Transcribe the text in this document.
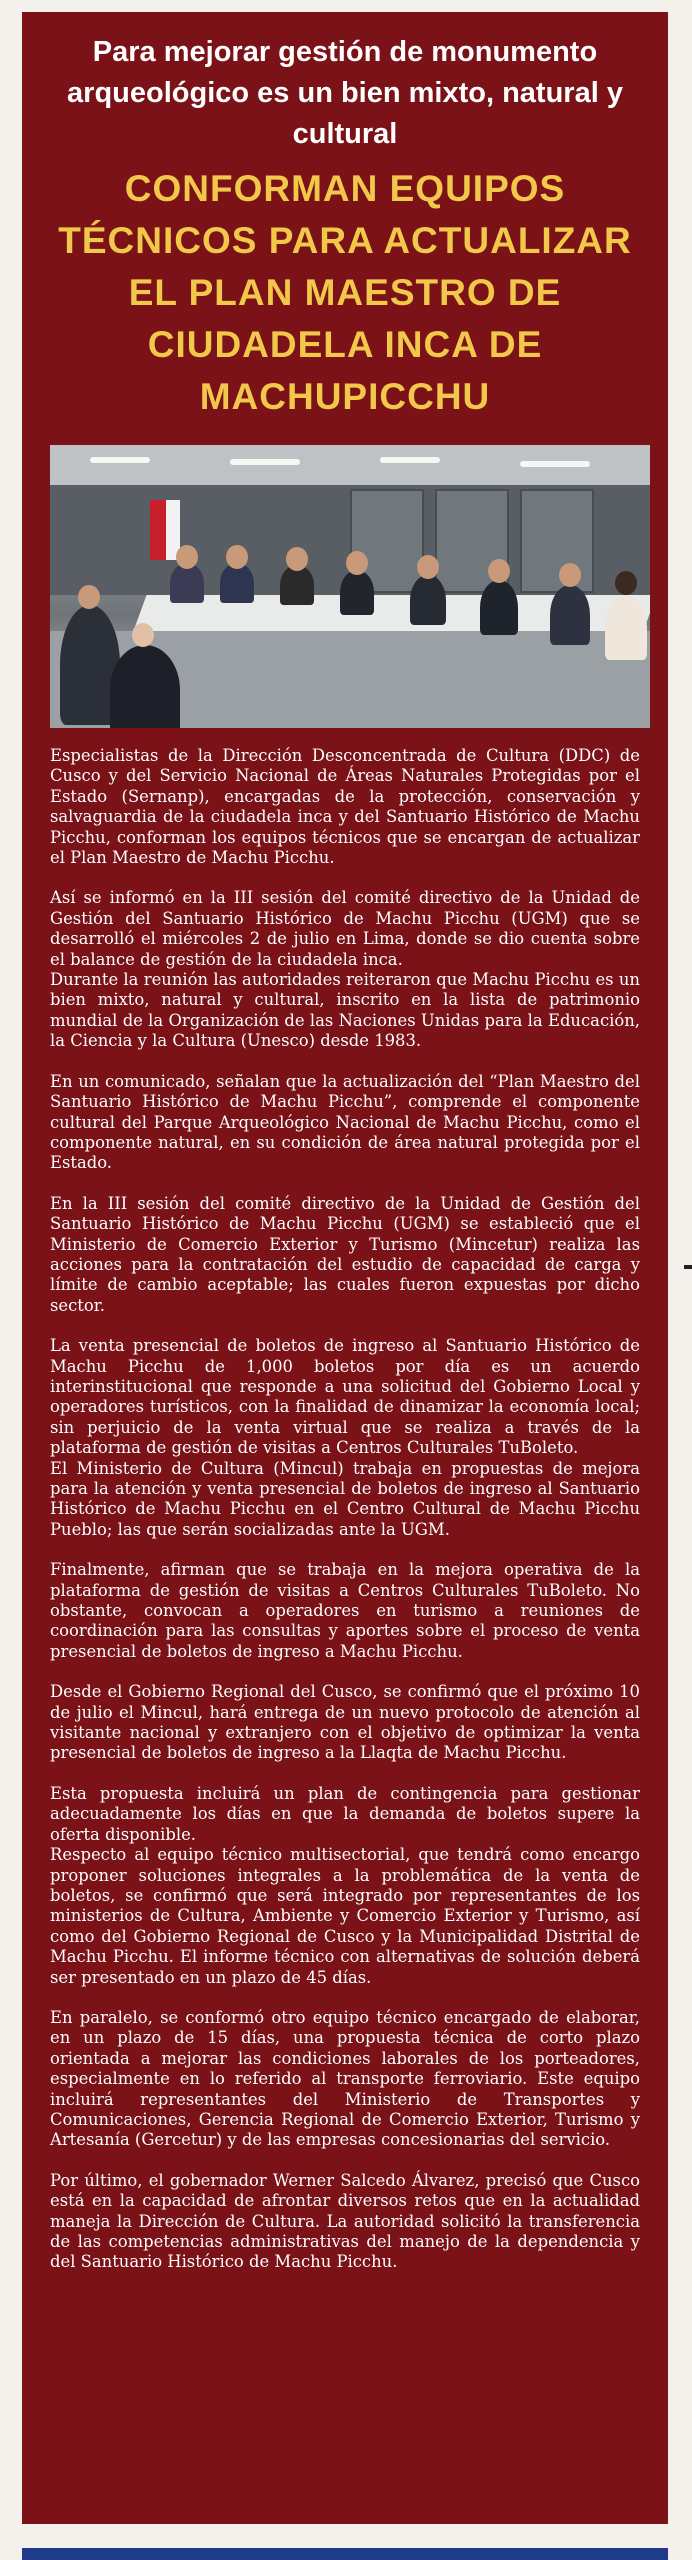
Para mejorar gestión de monumento arqueológico es un bien mixto, natural y cultural
CONFORMAN EQUIPOS TÉCNICOS PARA ACTUALIZAR EL PLAN MAESTRO DE CIUDADELA INCA DE MACHUPICCHU

Especialistas de la Dirección Desconcentrada de Cultura (DDC) de Cusco y del Servicio Nacional de Áreas Naturales Protegidas por el Estado (Sernanp), encargadas de la protección, conservación y salvaguardia de la ciudadela inca y del Santuario Histórico de Machu Picchu, conforman los equipos técnicos que se encargan de actualizar el Plan Maestro de Machu Picchu.

Así se informó en la III sesión del comité directivo de la Unidad de Gestión del Santuario Histórico de Machu Picchu (UGM) que se desarrolló el miércoles 2 de julio en Lima, donde se dio cuenta sobre el balance de gestión de la ciudadela inca.

Durante la reunión las autoridades reiteraron que Machu Picchu es un bien mixto, natural y cultural, inscrito en la lista de patrimonio mundial de la Organización de las Naciones Unidas para la Educación, la Ciencia y la Cultura (Unesco) desde 1983.

En un comunicado, señalan que la actualización del “Plan Maestro del Santuario Histórico de Machu Picchu”, comprende el componente cultural del Parque Arqueológico Nacional de Machu Picchu, como el componente natural, en su condición de área natural protegida por el Estado.

En la III sesión del comité directivo de la Unidad de Gestión del Santuario Histórico de Machu Picchu (UGM) se estableció que el Ministerio de Comercio Exterior y Turismo (Mincetur) realiza las acciones para la contratación del estudio de capacidad de carga y límite de cambio aceptable; las cuales fueron expuestas por dicho sector.

La venta presencial de boletos de ingreso al Santuario Histórico de Machu Picchu de 1,000 boletos por día es un acuerdo interinstitucional que responde a una solicitud del Gobierno Local y operadores turísticos, con la finalidad de dinamizar la economía local; sin perjuicio de la venta virtual que se realiza a través de la plataforma de gestión de visitas a Centros Culturales TuBoleto.

El Ministerio de Cultura (Mincul) trabaja en propuestas de mejora para la atención y venta presencial de boletos de ingreso al Santuario Histórico de Machu Picchu en el Centro Cultural de Machu Picchu Pueblo; las que serán socializadas ante la UGM.

Finalmente, afirman que se trabaja en la mejora operativa de la plataforma de gestión de visitas a Centros Culturales TuBoleto. No obstante, convocan a operadores en turismo a reuniones de coordinación para las consultas y aportes sobre el proceso de venta presencial de boletos de ingreso a Machu Picchu.

Desde el Gobierno Regional del Cusco, se confirmó que el próximo 10 de julio el Mincul, hará entrega de un nuevo protocolo de atención al visitante nacional y extranjero con el objetivo de optimizar la venta presencial de boletos de ingreso a la Llaqta de Machu Picchu.

Esta propuesta incluirá un plan de contingencia para gestionar adecuadamente los días en que la demanda de boletos supere la oferta disponible.

Respecto al equipo técnico multisectorial, que tendrá como encargo proponer soluciones integrales a la problemática de la venta de boletos, se confirmó que será integrado por representantes de los ministerios de Cultura, Ambiente y Comercio Exterior y Turismo, así como del Gobierno Regional de Cusco y la Municipalidad Distrital de Machu Picchu. El informe técnico con alternativas de solución deberá ser presentado en un plazo de 45 días.

En paralelo, se conformó otro equipo técnico encargado de elaborar, en un plazo de 15 días, una propuesta técnica de corto plazo orientada a mejorar las condiciones laborales de los porteadores, especialmente en lo referido al transporte ferroviario. Este equipo incluirá representantes del Ministerio de Transportes y Comunicaciones, Gerencia Regional de Comercio Exterior, Turismo y Artesanía (Gercetur) y de las empresas concesionarias del servicio.

Por último, el gobernador Werner Salcedo Álvarez, precisó que Cusco está en la capacidad de afrontar diversos retos que en la actualidad maneja la Dirección de Cultura. La autoridad solicitó la transferencia de las competencias administrativas del manejo de la dependencia y del Santuario Histórico de Machu Picchu.
